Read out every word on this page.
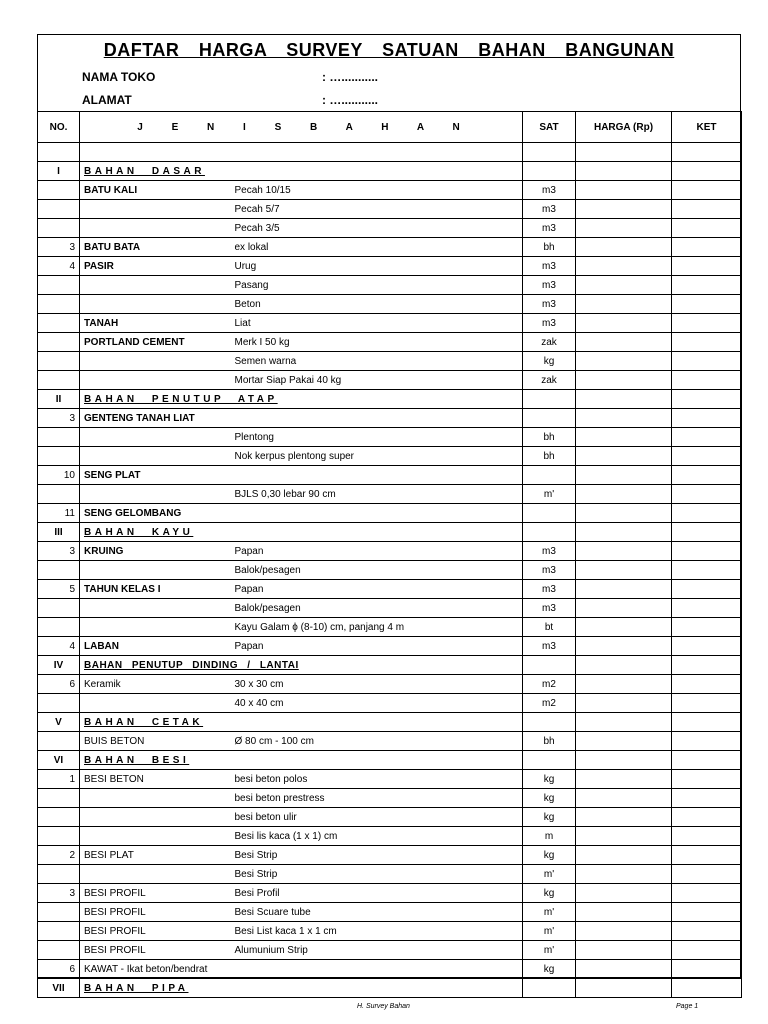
DAFTAR HARGA SURVEY SATUAN BAHAN BANGUNAN
NAMA TOKO	: …...........
ALAMAT	: …...........
NO.	J E N I S B A H A N		SAT	HARGA (Rp)	KET

I	BAHAN DASAR				
	BATU KALI	Pecah 10/15	m3		
		Pecah 5/7	m3		
		Pecah 3/5	m3		
3	BATU BATA	ex lokal	bh		
4	PASIR	Urug	m3		
		Pasang	m3		
		Beton	m3		
	TANAH	Liat	m3		
	PORTLAND CEMENT	Merk I 50 kg	zak		
		Semen warna	kg		
		Mortar Siap Pakai 40 kg	zak		
II	BAHAN PENUTUP ATAP				
3	GENTENG TANAH LIAT				
		Plentong	bh		
		Nok kerpus plentong super	bh		
10	SENG PLAT				
		BJLS 0,30 lebar 90 cm	m'		
11	SENG GELOMBANG				
III	BAHAN KAYU				
3	KRUING	Papan	m3		
		Balok/pesagen	m3		
5	TAHUN KELAS I	Papan	m3		
		Balok/pesagen	m3		
		Kayu Galam ϕ (8-10) cm, panjang 4 m	bt		
4	LABAN	Papan	m3		
IV	BAHAN PENUTUP DINDING / LANTAI				
6	Keramik	30 x 30 cm	m2		
		40 x 40 cm	m2		
V	BAHAN CETAK				
	BUIS BETON	Ø 80 cm - 100 cm	bh		
VI	BAHAN BESI				
1	BESI BETON	besi beton polos	kg		
		besi beton prestress	kg		
		besi beton ulir	kg		
		Besi lis kaca (1 x 1) cm	m		
2	BESI PLAT	Besi Strip	kg		
		Besi Strip	m'		
3	BESI PROFIL	Besi Profil	kg		
	BESI PROFIL	Besi Scuare tube	m'		
	BESI PROFIL	Besi List kaca 1 x 1 cm	m'		
	BESI PROFIL	Alumunium Strip	m'		
6	KAWAT - Ikat beton/bendrat		kg		
VII	BAHAN PIPA				
H. Survey Bahan	Page 1
